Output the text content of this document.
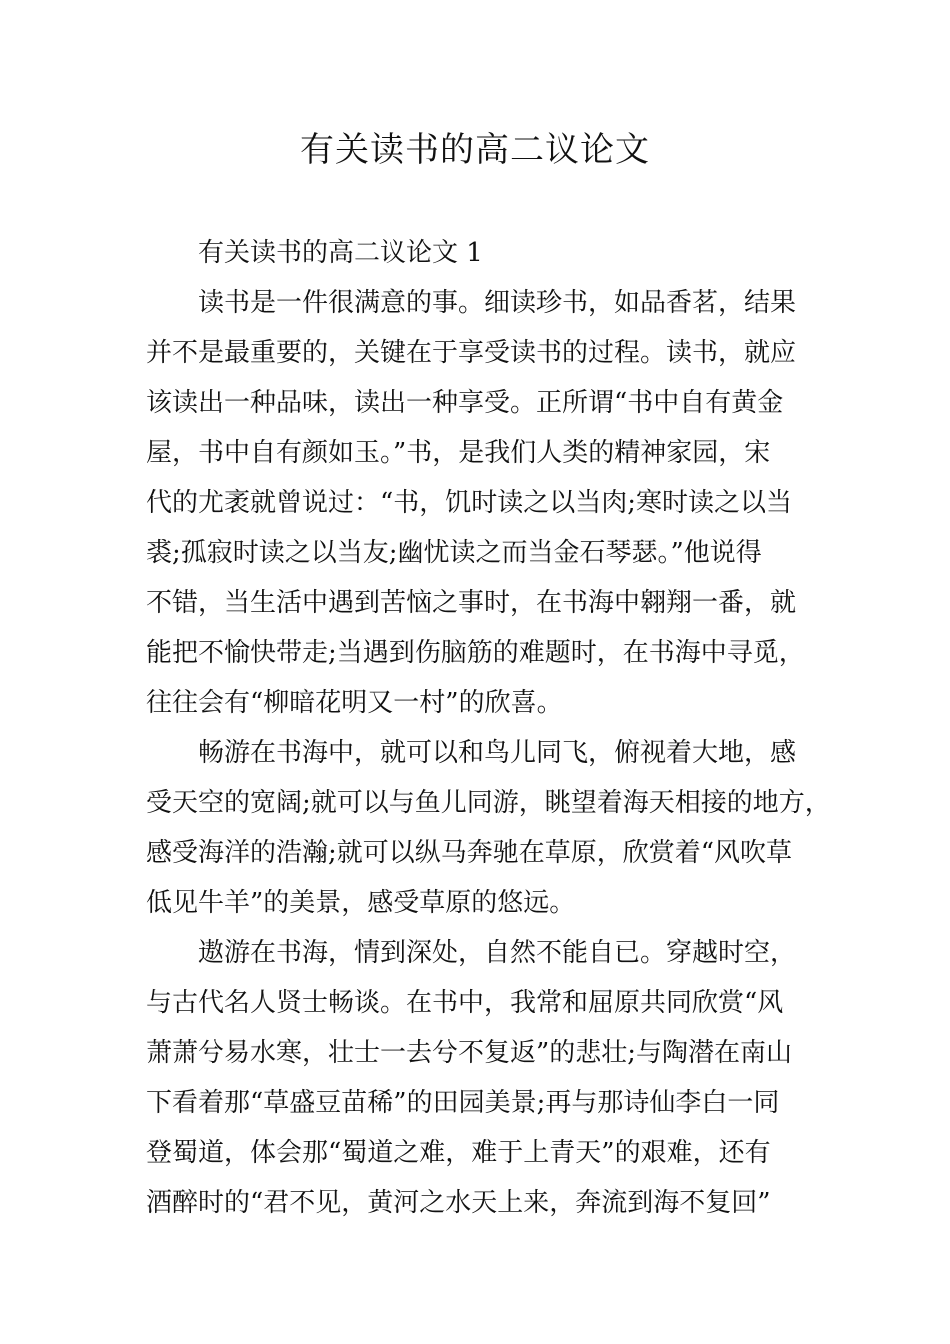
有关读书的高二议论文
有关读书的高二议论文 1
读书是一件很满意的事。细读珍书，如品香茗，结果
并不是最重要的，关键在于享受读书的过程。读书，就应
该读出一种品味，读出一种享受。正所谓“书中自有黄金
屋，书中自有颜如玉。”书，是我们人类的精神家园，宋
代的尤袤就曾说过：“书，饥时读之以当肉;寒时读之以当
裘;孤寂时读之以当友;幽忧读之而当金石琴瑟。”他说得
不错，当生活中遇到苦恼之事时，在书海中翱翔一番，就
能把不愉快带走;当遇到伤脑筋的难题时，在书海中寻觅，
往往会有“柳暗花明又一村”的欣喜。
畅游在书海中，就可以和鸟儿同飞，俯视着大地，感
受天空的宽阔;就可以与鱼儿同游，眺望着海天相接的地方，
感受海洋的浩瀚;就可以纵马奔驰在草原，欣赏着“风吹草
低见牛羊”的美景，感受草原的悠远。
遨游在书海，情到深处，自然不能自已。穿越时空，
与古代名人贤士畅谈。在书中，我常和屈原共同欣赏“风
萧萧兮易水寒，壮士一去兮不复返”的悲壮;与陶潜在南山
下看着那“草盛豆苗稀”的田园美景;再与那诗仙李白一同
登蜀道，体会那“蜀道之难，难于上青天”的艰难，还有
酒醉时的“君不见，黄河之水天上来，奔流到海不复回”
